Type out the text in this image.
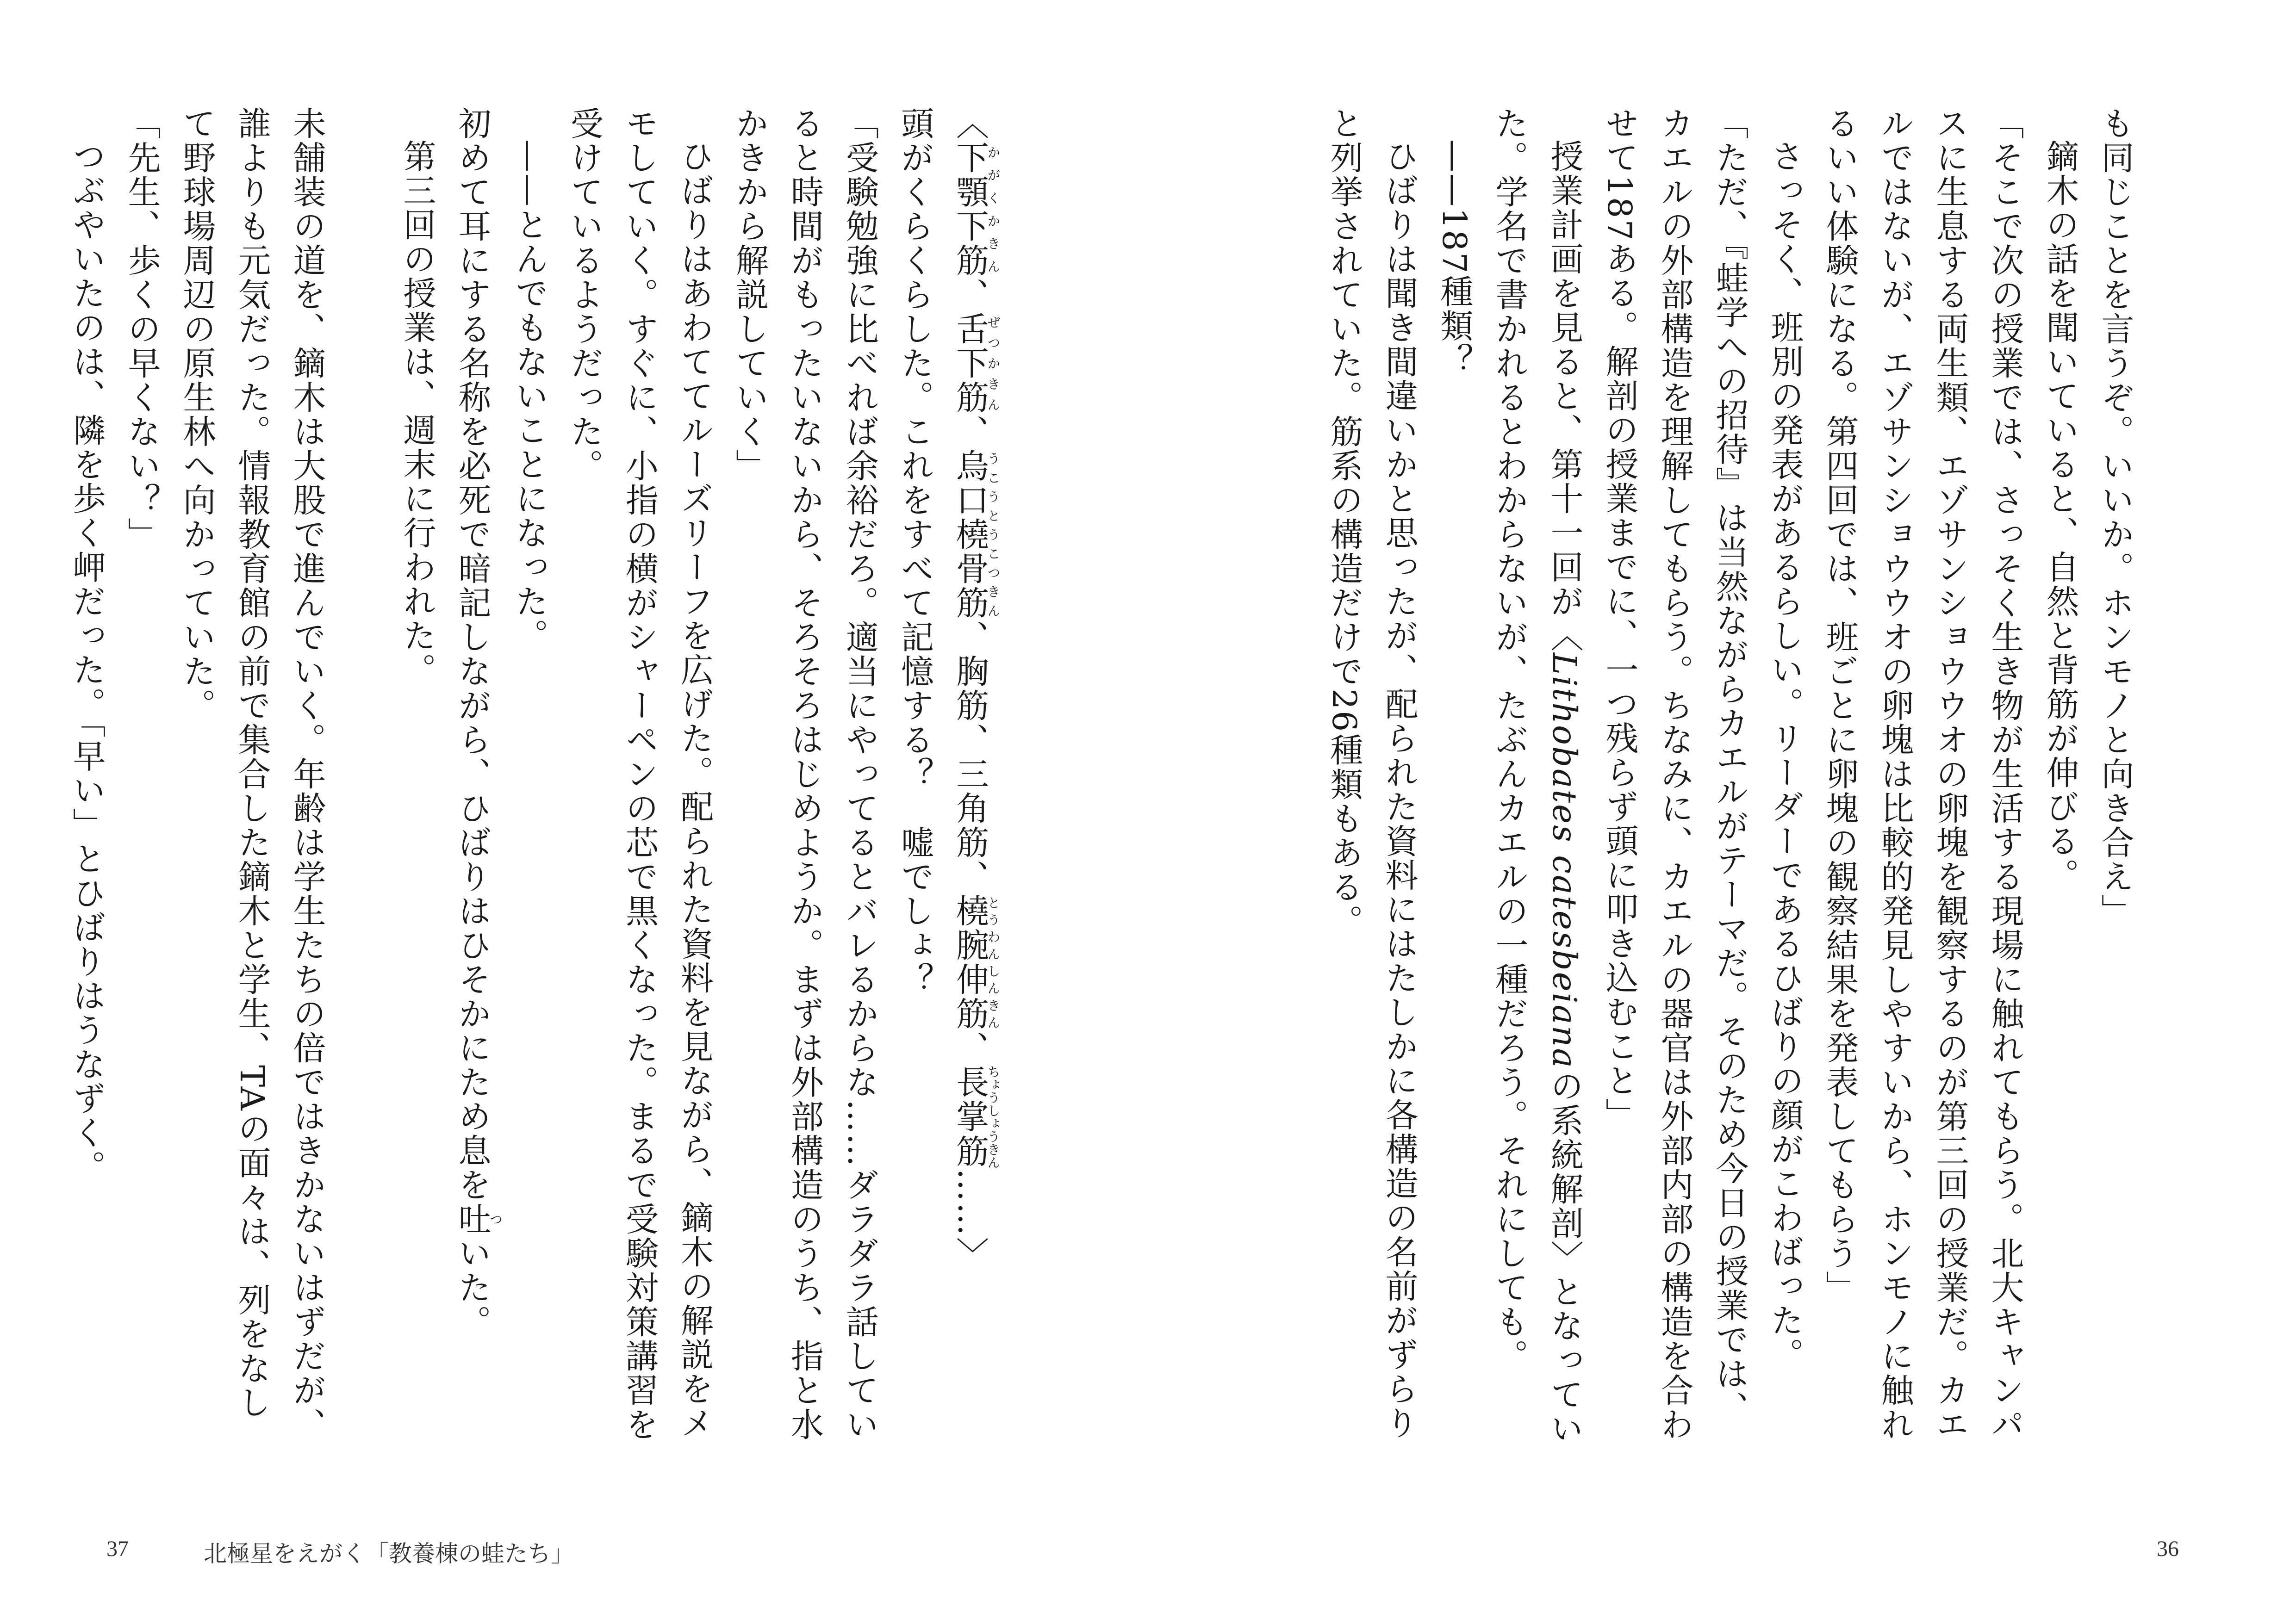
も同じことを言うぞ。いいか。ホンモノと向き合え」

鏑木の話を聞いていると、自然と背筋が伸びる。

「そこで次の授業では、さっそく生き物が生活する現場に触れてもらう。北大キャンパスに生息する両生類、エゾサンショウウオの卵塊を観察するのが第三回の授業だ。カエルではないが、エゾサンショウウオの卵塊は比較的発見しやすいから、ホンモノに触れるいい体験になる。第四回では、班ごとに卵塊の観察結果を発表してもらう」

さっそく、班別の発表があるらしい。リーダーであるひばりの顔がこわばった。

「ただ、『蛙学への招待』は当然ながらカエルがテーマだ。そのため今日の授業では、カエルの外部構造を理解してもらう。ちなみに、カエルの器官は外部内部の構造を合わせて187ある。解剖の授業までに、一つ残らず頭に叩き込むこと」

授業計画を見ると、第十一回が〈Lithobates catesbeianaの系統解剖〉となっていた。学名で書かれるとわからないが、たぶんカエルの一種だろう。それにしても。

——187種類？

ひばりは聞き間違いかと思ったが、配られた資料にはたしかに各構造の名前がずらりと列挙されていた。筋系の構造だけで26種類もある。

〈下顎下筋かがくかきん、舌下筋ぜつかきん、烏口橈骨筋うこうとうこつきん、胸筋、三角筋、橈腕伸筋とうわんしんきん、長掌筋ちょうしょうきん……〉

頭がくらくらした。これをすべて記憶する？　嘘でしょ？

「受験勉強に比べれば余裕だろ。適当にやってるとバレるからな……ダラダラ話していると時間がもったいないから、そろそろはじめようか。まずは外部構造のうち、指と水かきから解説していく」

ひばりはあわててルーズリーフを広げた。配られた資料を見ながら、鏑木の解説をメモしていく。すぐに、小指の横がシャーペンの芯で黒くなった。まるで受験対策講習を受けているようだった。

——とんでもないことになった。

初めて耳にする名称を必死で暗記しながら、ひばりはひそかにため息を吐ついた。

第三回の授業は、週末に行われた。

未舗装の道を、鏑木は大股で進んでいく。年齢は学生たちの倍ではきかないはずだが、誰よりも元気だった。情報教育館の前で集合した鏑木と学生、TAの面々は、列をなして野球場周辺の原生林へ向かっていた。

「先生、歩くの早くない？」

つぶやいたのは、隣を歩く岬だった。「早い」とひばりはうなずく。

37	北極星をえがく「教養棟の蛙たち」	36
